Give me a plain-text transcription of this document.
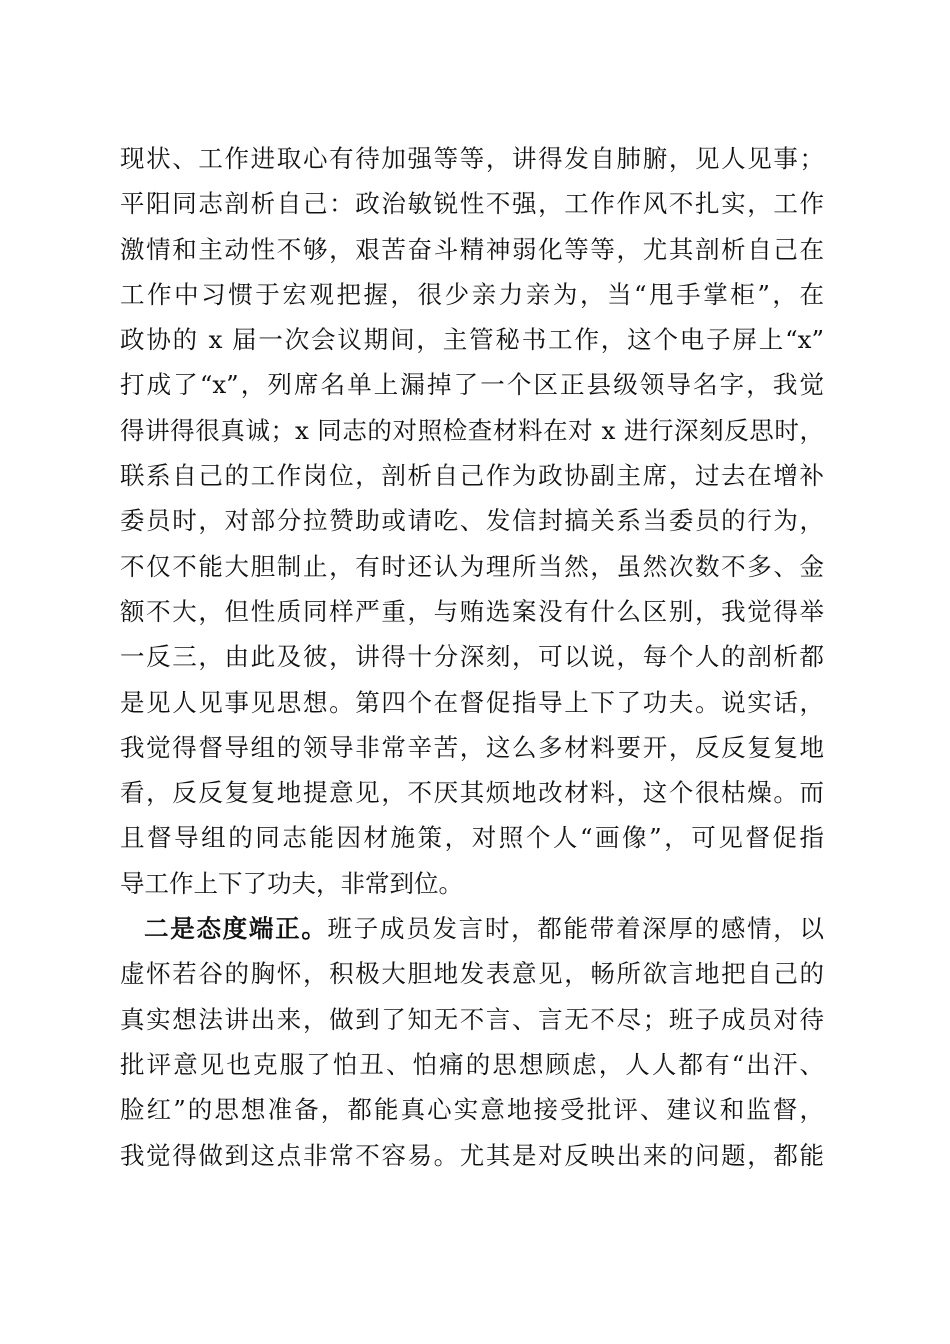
现状、工作进取心有待加强等等，讲得发自肺腑，见人见事；
平阳同志剖析自己：政治敏锐性不强，工作作风不扎实，工作
激情和主动性不够，艰苦奋斗精神弱化等等，尤其剖析自己在
工作中习惯于宏观把握，很少亲力亲为，当“甩手掌柜”，在
政协的 x 届一次会议期间，主管秘书工作，这个电子屏上“x”
打成了“x”，列席名单上漏掉了一个区正县级领导名字，我觉
得讲得很真诚；x 同志的对照检查材料在对 x 进行深刻反思时，
联系自己的工作岗位，剖析自己作为政协副主席，过去在增补
委员时，对部分拉赞助或请吃、发信封搞关系当委员的行为，
不仅不能大胆制止，有时还认为理所当然，虽然次数不多、金
额不大，但性质同样严重，与贿选案没有什么区别，我觉得举
一反三，由此及彼，讲得十分深刻，可以说，每个人的剖析都
是见人见事见思想。第四个在督促指导上下了功夫。说实话，
我觉得督导组的领导非常辛苦，这么多材料要开，反反复复地
看，反反复复地提意见，不厌其烦地改材料，这个很枯燥。而
且督导组的同志能因材施策，对照个人“画像”，可见督促指
导工作上下了功夫，非常到位。
二是态度端正。班子成员发言时，都能带着深厚的感情，以
虚怀若谷的胸怀，积极大胆地发表意见，畅所欲言地把自己的
真实想法讲出来，做到了知无不言、言无不尽；班子成员对待
批评意见也克服了怕丑、怕痛的思想顾虑，人人都有“出汗、
脸红”的思想准备，都能真心实意地接受批评、建议和监督，
我觉得做到这点非常不容易。尤其是对反映出来的问题，都能
